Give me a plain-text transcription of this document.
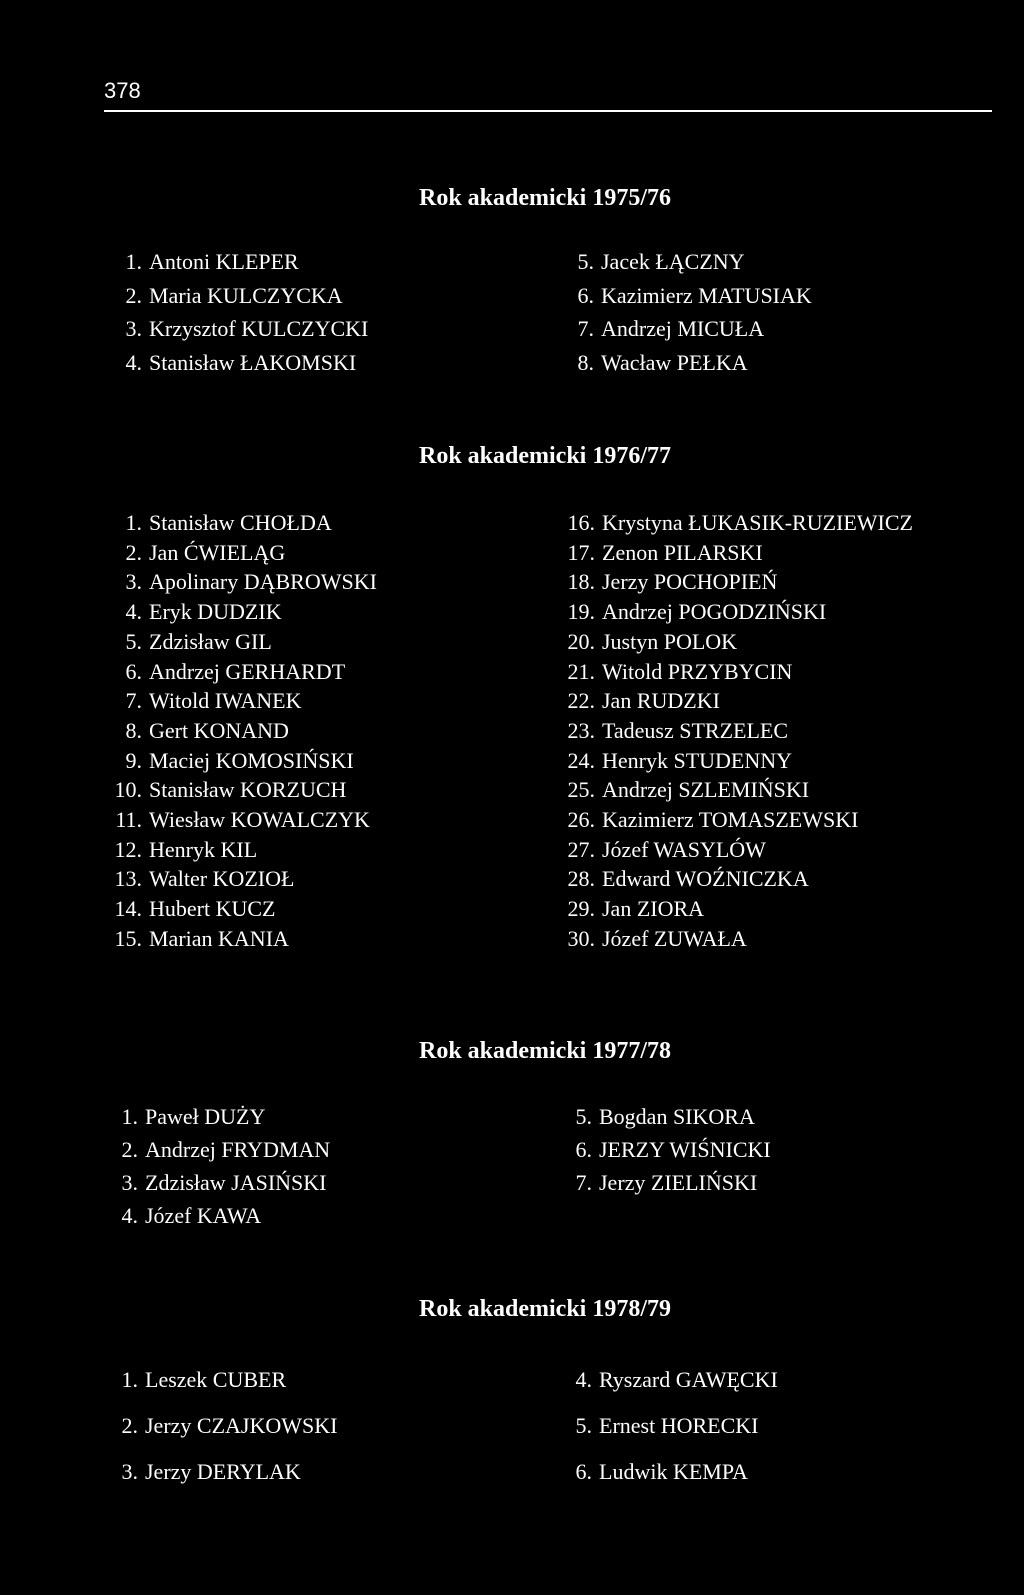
378
Rok akademicki 1975/76
1. Antoni KLEPER
2. Maria KULCZYCKA
3. Krzysztof KULCZYCKI
4. Stanisław ŁAKOMSKI
5. Jacek ŁĄCZNY
6. Kazimierz MATUSIAK
7. Andrzej MICUŁA
8. Wacław PEŁKA
Rok akademicki 1976/77
1. Stanisław CHOŁDA
2. Jan ĆWIELĄG
3. Apolinary DĄBROWSKI
4. Eryk DUDZIK
5. Zdzisław GIL
6. Andrzej GERHARDT
7. Witold IWANEK
8. Gert KONAND
9. Maciej KOMOSIŃSKI
10. Stanisław KORZUCH
11. Wiesław KOWALCZYK
12. Henryk KIL
13. Walter KOZIOŁ
14. Hubert KUCZ
15. Marian KANIA
16. Krystyna ŁUKASIK-RUZIEWICZ
17. Zenon PILARSKI
18. Jerzy POCHOPIEŃ
19. Andrzej POGODZIŃSKI
20. Justyn POLOK
21. Witold PRZYBYCIN
22. Jan RUDZKI
23. Tadeusz STRZELEC
24. Henryk STUDENNY
25. Andrzej SZLEMIŃSKI
26. Kazimierz TOMASZEWSKI
27. Józef WASYLÓW
28. Edward WOŹNICZKA
29. Jan ZIORA
30. Józef ZUWAŁA
Rok akademicki 1977/78
1. Paweł DUŻY
2. Andrzej FRYDMAN
3. Zdzisław JASIŃSKI
4. Józef KAWA
5. Bogdan SIKORA
6. JERZY WIŚNICKI
7. Jerzy ZIELIŃSKI
Rok akademicki 1978/79
1. Leszek CUBER
2. Jerzy CZAJKOWSKI
3. Jerzy DERYLAK
4. Ryszard GAWĘCKI
5. Ernest HORECKI
6. Ludwik KEMPA
